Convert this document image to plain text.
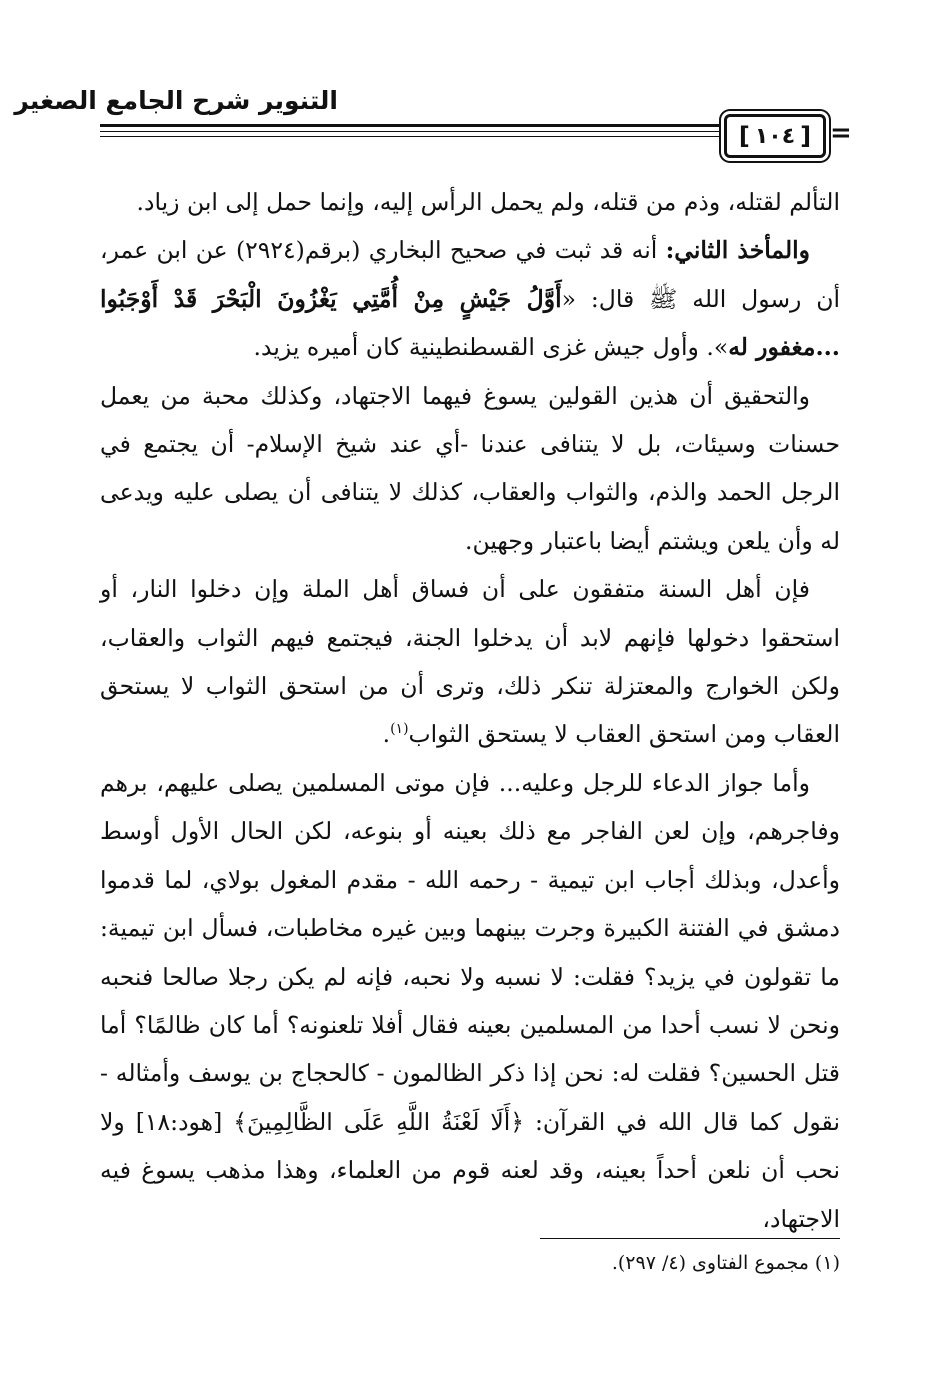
التنوير شرح الجامع الصغير
[ ١٠٤ ] =

التألم لقتله، وذم من قتله، ولم يحمل الرأس إليه، وإنما حمل إلى ابن زياد.

والمأخذ الثاني: أنه قد ثبت في صحيح البخاري (برقم(٢٩٢٤) عن ابن عمر، أن رسول الله ﷺ قال: «أَوَّلُ جَيْشٍ مِنْ أُمَّتِي يَغْزُونَ الْبَحْرَ قَدْ أَوْجَبُوا ...مغفور له». وأول جيش غزى القسطنطينية كان أميره يزيد.

والتحقيق أن هذين القولين يسوغ فيهما الاجتهاد، وكذلك محبة من يعمل حسنات وسيئات، بل لا يتنافى عندنا -أي عند شيخ الإسلام- أن يجتمع في الرجل الحمد والذم، والثواب والعقاب، كذلك لا يتنافى أن يصلى عليه ويدعى له وأن يلعن ويشتم أيضا باعتبار وجهين.

فإن أهل السنة متفقون على أن فساق أهل الملة وإن دخلوا النار، أو استحقوا دخولها فإنهم لابد أن يدخلوا الجنة، فيجتمع فيهم الثواب والعقاب، ولكن الخوارج والمعتزلة تنكر ذلك، وترى أن من استحق الثواب لا يستحق العقاب ومن استحق العقاب لا يستحق الثواب$^{(١)}$.

وأما جواز الدعاء للرجل وعليه... فإن موتى المسلمين يصلى عليهم، برهم وفاجرهم، وإن لعن الفاجر مع ذلك بعينه أو بنوعه، لكن الحال الأول أوسط وأعدل، وبذلك أجاب ابن تيمية - رحمه الله - مقدم المغول بولاي، لما قدموا دمشق في الفتنة الكبيرة وجرت بينهما وبين غيره مخاطبات، فسأل ابن تيمية: ما تقولون في يزيد؟ فقلت: لا نسبه ولا نحبه، فإنه لم يكن رجلا صالحا فنحبه ونحن لا نسب أحدا من المسلمين بعينه فقال أفلا تلعنونه؟ أما كان ظالمًا؟ أما قتل الحسين؟ فقلت له: نحن إذا ذكر الظالمون - كالحجاج بن يوسف وأمثاله - نقول كما قال الله في القرآن: ﴿أَلَا لَعْنَةُ اللَّهِ عَلَى الظَّالِمِينَ﴾ [هود:١٨] ولا نحب أن نلعن أحداً بعينه، وقد لعنه قوم من العلماء، وهذا مذهب يسوغ فيه الاجتهاد،

(١) مجموع الفتاوى (٤/ ٢٩٧).
